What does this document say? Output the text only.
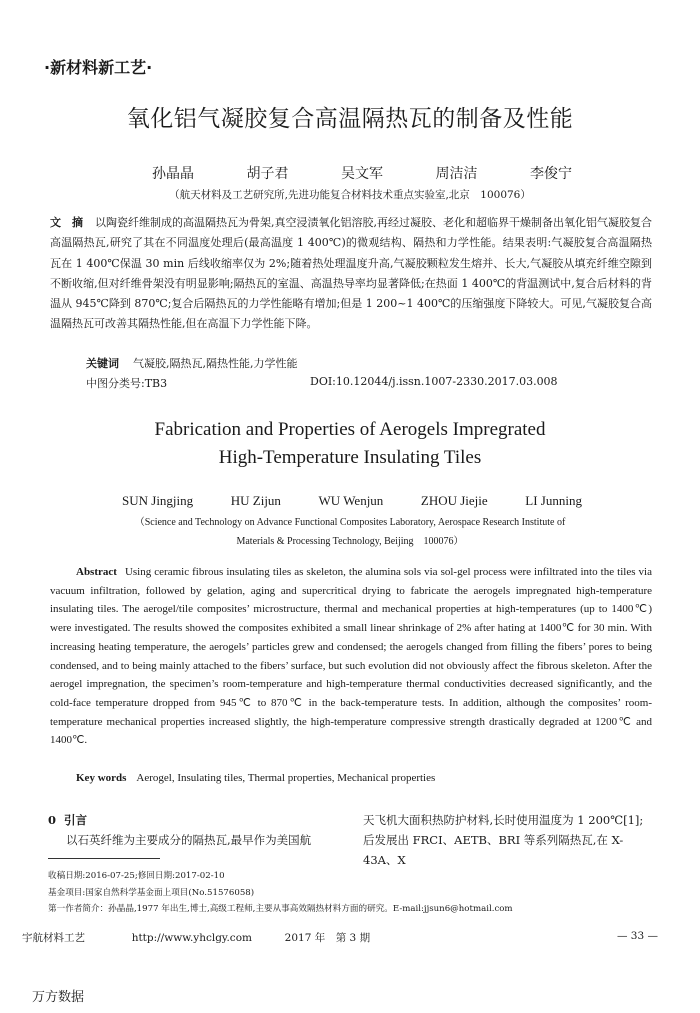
·新材料新工艺·
氧化铝气凝胶复合高温隔热瓦的制备及性能
孙晶晶	胡子君	吴文军	周洁洁	李俊宁
（航天材料及工艺研究所,先进功能复合材料技术重点实验室,北京　100076）
文　摘 以陶瓷纤维制成的高温隔热瓦为骨架,真空浸渍氧化铝溶胶,再经过凝胶、老化和超临界干燥制备出氧化铝气凝胶复合高温隔热瓦,研究了其在不同温度处理后(最高温度 1 400℃)的微观结构、隔热和力学性能。结果表明:气凝胶复合高温隔热瓦在 1 400℃保温 30 min 后线收缩率仅为 2%;随着热处理温度升高,气凝胶颗粒发生熔并、长大,气凝胶从填充纤维空隙到不断收缩,但对纤维骨架没有明显影响;隔热瓦的室温、高温热导率均显著降低;在热面 1 400℃的背温测试中,复合后材料的背温从 945℃降到 870℃;复合后隔热瓦的力学性能略有增加;但是 1 200~1 400℃的压缩强度下降较大。可见,气凝胶复合高温隔热瓦可改善其隔热性能,但在高温下力学性能下降。
关键词 气凝胶,隔热瓦,隔热性能,力学性能
中图分类号:TB3	DOI:10.12044/j.issn.1007-2330.2017.03.008
Fabrication and Properties of Aerogels Impregrated
High-Temperature Insulating Tiles
SUN Jingjing	HU Zijun	WU Wenjun	ZHOU Jiejie	LI Junning
（Science and Technology on Advance Functional Composites Laboratory, Aerospace Research Institute of
Materials & Processing Technology, Beijing　100076）
Abstract Using ceramic fibrous insulating tiles as skeleton, the alumina sols via sol-gel process were infiltrated into the tiles via vacuum infiltration, followed by gelation, aging and supercritical drying to fabricate the aerogels impregnated high-temperature insulating tiles. The aerogel/tile composites’ microstructure, thermal and mechanical properties at high-temperatures (up to 1400℃) were investigated. The results showed the composites exhibited a small linear shrinkage of 2% after hating at 1400℃ for 30 min. With increasing heating temperature, the aerogels’ particles grew and condensed; the aerogels changed from filling the fibers’ pores to being condensed, and to being mainly attached to the fibers’ surface, but such evolution did not obviously affect the fibrous skeleton. After the aerogel impregnation, the specimen’s room-temperature and high-temperature thermal conductivities decreased significantly, and the cold-face temperature dropped from 945℃ to 870℃ in the back-temperature tests. In addition, although the composites’ room-temperature mechanical properties increased slightly, the high-temperature compressive strength drastically degraded at 1200℃ and 1400℃.
Key words Aerogel, Insulating tiles, Thermal properties, Mechanical properties
0 引言
以石英纤维为主要成分的隔热瓦,最早作为美国航
天飞机大面积热防护材料,长时使用温度为 1 200℃[1];
后发展出 FRCI、AETB、BRI 等系列隔热瓦,在 X-43A、X
收稿日期:2016-07-25;修回日期:2017-02-10
基金项目:国家自然科学基金面上项目(No.51576058)
第一作者简介：孙晶晶,1977 年出生,博士,高级工程师,主要从事高效隔热材料方面的研究。E-mail:jjsun6@hotmail.com
宇航材料工艺	http://www.yhclgy.com	2017 年　第 3 期	— 33 —
万方数据
